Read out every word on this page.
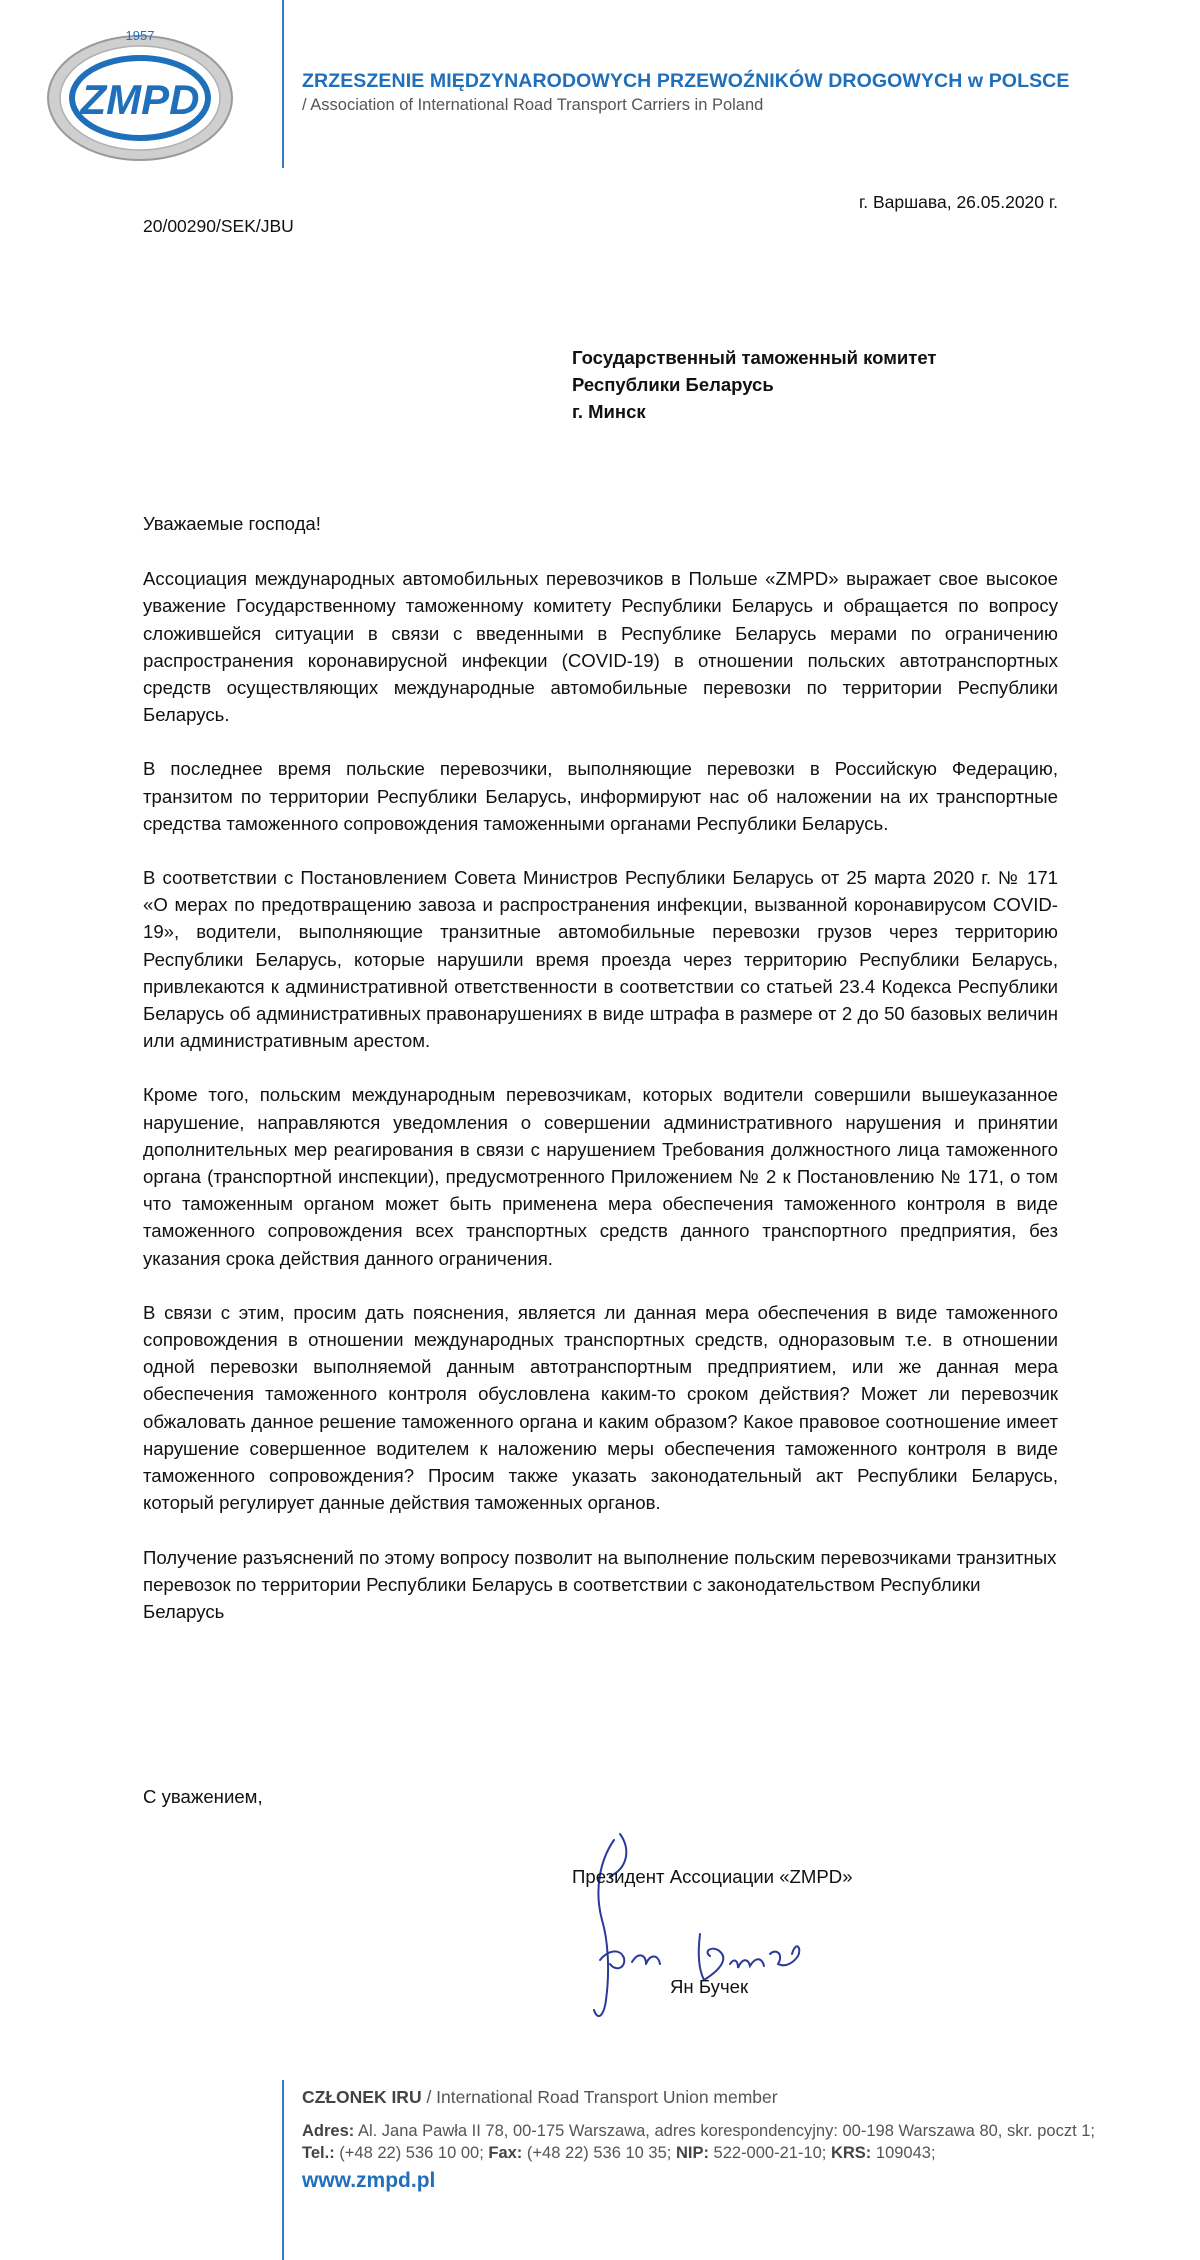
1957
ZMPD	ZRZESZENIE MIĘDZYNARODOWYCH PRZEWOŹNIKÓW DROGOWYCH w POLSCE
/ Association of International Road Transport Carriers in Poland
г. Варшава, 26.05.2020 г.
20/00290/SEK/JBU
Государственный таможенный комитет
Республики Беларусь
г. Минск

Уважаемые господа!

Ассоциация международных автомобильных перевозчиков в Польше «ZMPD» выражает свое высокое уважение Государственному таможенному комитету Республики Беларусь и обращается по вопросу сложившейся ситуации в связи с введенными в Республике Беларусь мерами по ограничению распространения коронавирусной инфекции (COVID-19) в отношении польских автотранспортных средств осуществляющих международные автомобильные перевозки по территории Республики Беларусь.

В последнее время польские перевозчики, выполняющие перевозки в Российскую Федерацию, транзитом по территории Республики Беларусь, информируют нас об наложении на их транспортные средства таможенного сопровождения таможенными органами Республики Беларусь.

В соответствии с Постановлением Совета Министров Республики Беларусь от 25 марта 2020 г. № 171 «О мерах по предотвращению завоза и распространения инфекции, вызванной коронавирусом COVID-19», водители, выполняющие транзитные автомобильные перевозки грузов через территорию Республики Беларусь, которые нарушили время проезда через территорию Республики Беларусь, привлекаются к административной ответственности в соответствии со статьей 23.4 Кодекса Республики Беларусь об административных правонарушениях в виде штрафа в размере от 2 до 50 базовых величин или административным арестом.

Кроме того, польским международным перевозчикам, которых водители совершили вышеуказанное нарушение, направляются уведомления о совершении административного нарушения и принятии дополнительных мер реагирования в связи с нарушением Требования должностного лица таможенного органа (транспортной инспекции), предусмотренного Приложением № 2 к Постановлению № 171, о том что таможенным органом может быть применена мера обеспечения таможенного контроля в виде таможенного сопровождения всех транспортных средств данного транспортного предприятия, без указания срока действия данного ограничения.

В связи с этим, просим дать пояснения, является ли данная мера обеспечения в виде таможенного сопровождения в отношении международных транспортных средств, одноразовым т.е. в отношении одной перевозки выполняемой данным автотранспортным предприятием, или же данная мера обеспечения таможенного контроля обусловлена каким-то сроком действия? Может ли перевозчик обжаловать данное решение таможенного органа и каким образом? Какое правовое соотношение имеет нарушение совершенное водителем к наложению меры обеспечения таможенного контроля в виде таможенного сопровождения? Просим также указать законодательный акт Республики Беларусь, который регулирует данные действия таможенных органов.

Получение разъяснений по этому вопросу позволит на выполнение польским перевозчиками транзитных перевозок по территории Республики Беларусь в соответствии с законодательством Республики Беларусь

С уважением,
Президент Ассоциации «ZMPD»
Ян Бучек
CZŁONEK IRU / International Road Transport Union member
Adres: Al. Jana Pawła II 78, 00-175 Warszawa, adres korespondencyjny: 00-198 Warszawa 80, skr. poczt 1;
Tel.: (+48 22) 536 10 00; Fax: (+48 22) 536 10 35; NIP: 522-000-21-10; KRS: 109043;
www.zmpd.pl
